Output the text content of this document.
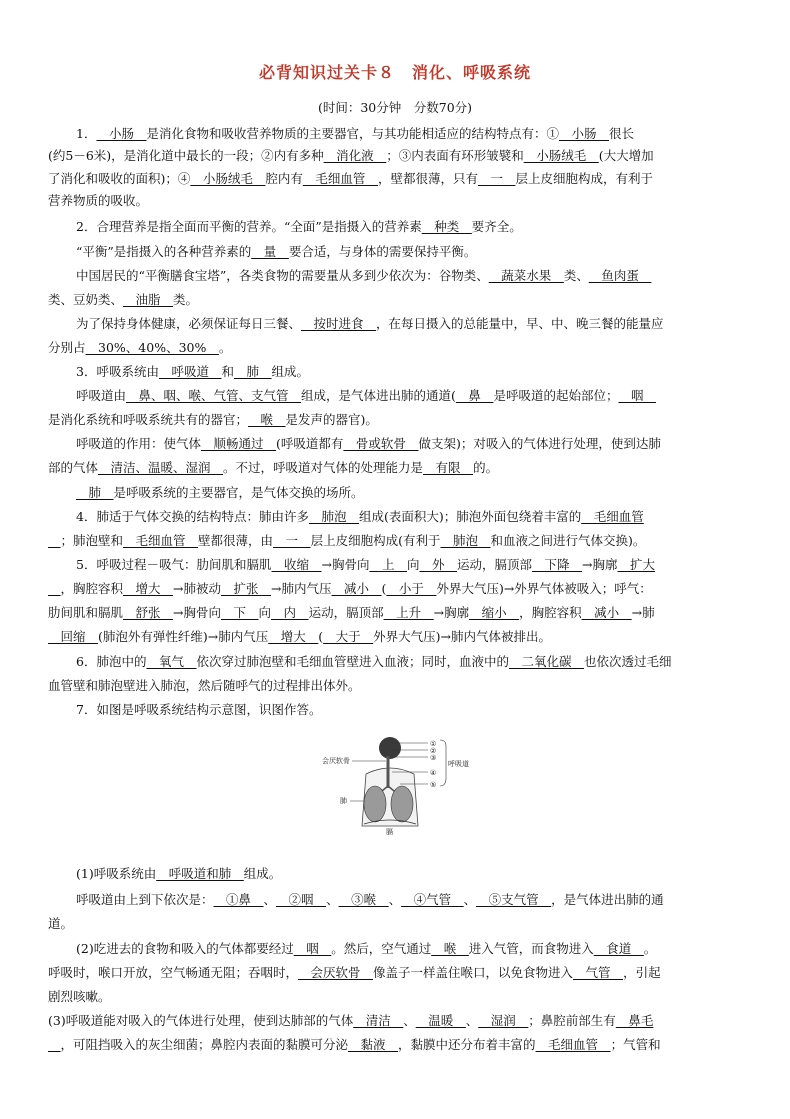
必背知识过关卡８　消化、呼吸系统
(时间：30分钟　分数70分)
1．__小肠__是消化食物和吸收营养物质的主要器官，与其功能相适应的结构特点有：①__小肠__很长
(约5－6米)，是消化道中最长的一段；②内有多种__消化液__；③内表面有环形皱襞和__小肠绒毛__(大大增加
了消化和吸收的面积)；④__小肠绒毛__腔内有__毛细血管__，壁都很薄，只有__一__层上皮细胞构成，有利于
营养物质的吸收。
2．合理营养是指全面而平衡的营养。“全面”是指摄入的营养素__种类__要齐全。
“平衡”是指摄入的各种营养素的__量__要合适，与身体的需要保持平衡。
中国居民的“平衡膳食宝塔”，各类食物的需要量从多到少依次为：谷物类、__蔬菜水果__类、__鱼肉蛋__
类、豆奶类、__油脂__类。
为了保持身体健康，必须保证每日三餐、__按时进食__，在每日摄入的总能量中，早、中、晚三餐的能量应
分别占__30%、40%、30%__。
3．呼吸系统由__呼吸道__和__肺__组成。
呼吸道由__鼻、咽、喉、气管、支气管__组成，是气体进出肺的通道(__鼻__是呼吸道的起始部位；__咽__
是消化系统和呼吸系统共有的器官；__喉__是发声的器官)。
呼吸道的作用：使气体__顺畅通过__(呼吸道都有__骨或软骨__做支架)；对吸入的气体进行处理，使到达肺
部的气体__清洁、温暖、湿润__。不过，呼吸道对气体的处理能力是__有限__的。
__肺__是呼吸系统的主要器官，是气体交换的场所。
4．肺适于气体交换的结构特点：肺由许多__肺泡__组成(表面积大)；肺泡外面包绕着丰富的__毛细血管
__；肺泡壁和__毛细血管__壁都很薄，由__一__层上皮细胞构成(有利于__肺泡__和血液之间进行气体交换)。
5．呼吸过程－吸气：肋间肌和膈肌__收缩__→胸骨向__上__向__外__运动，膈顶部__下降__→胸廓__扩大
__，胸腔容积__增大__→肺被动__扩张__→肺内气压__减小__(__小于__外界大气压)→外界气体被吸入；呼气：
肋间肌和膈肌__舒张__→胸骨向__下__向__内__运动，膈顶部__上升__→胸廓__缩小__，胸腔容积__减小__→肺
__回缩__(肺泡外有弹性纤维)→肺内气压__增大__(__大于__外界大气压)→肺内气体被排出。
6．肺泡中的__氧气__依次穿过肺泡壁和毛细血管壁进入血液；同时，血液中的__二氧化碳__也依次透过毛细
血管壁和肺泡壁进入肺泡，然后随呼气的过程排出体外。
7．如图是呼吸系统结构示意图，识图作答。
会厌软骨
肺
膈
呼吸道
①
②
③
④
⑤
(1)呼吸系统由__呼吸道和肺__组成。
呼吸道由上到下依次是：__①鼻__、__②咽__、__③喉__、__④气管__、__⑤支气管__，是气体进出肺的通
道。
(2)吃进去的食物和吸入的气体都要经过__咽__。然后，空气通过__喉__进入气管，而食物进入__食道__。
呼吸时，喉口开放，空气畅通无阻；吞咽时，__会厌软骨__像盖子一样盖住喉口，以免食物进入__气管__，引起
剧烈咳嗽。
(3)呼吸道能对吸入的气体进行处理，使到达肺部的气体__清洁__、__温暖__、__湿润__；鼻腔前部生有__鼻毛
__，可阻挡吸入的灰尘细菌；鼻腔内表面的黏膜可分泌__黏液__，黏膜中还分布着丰富的__毛细血管__；气管和
